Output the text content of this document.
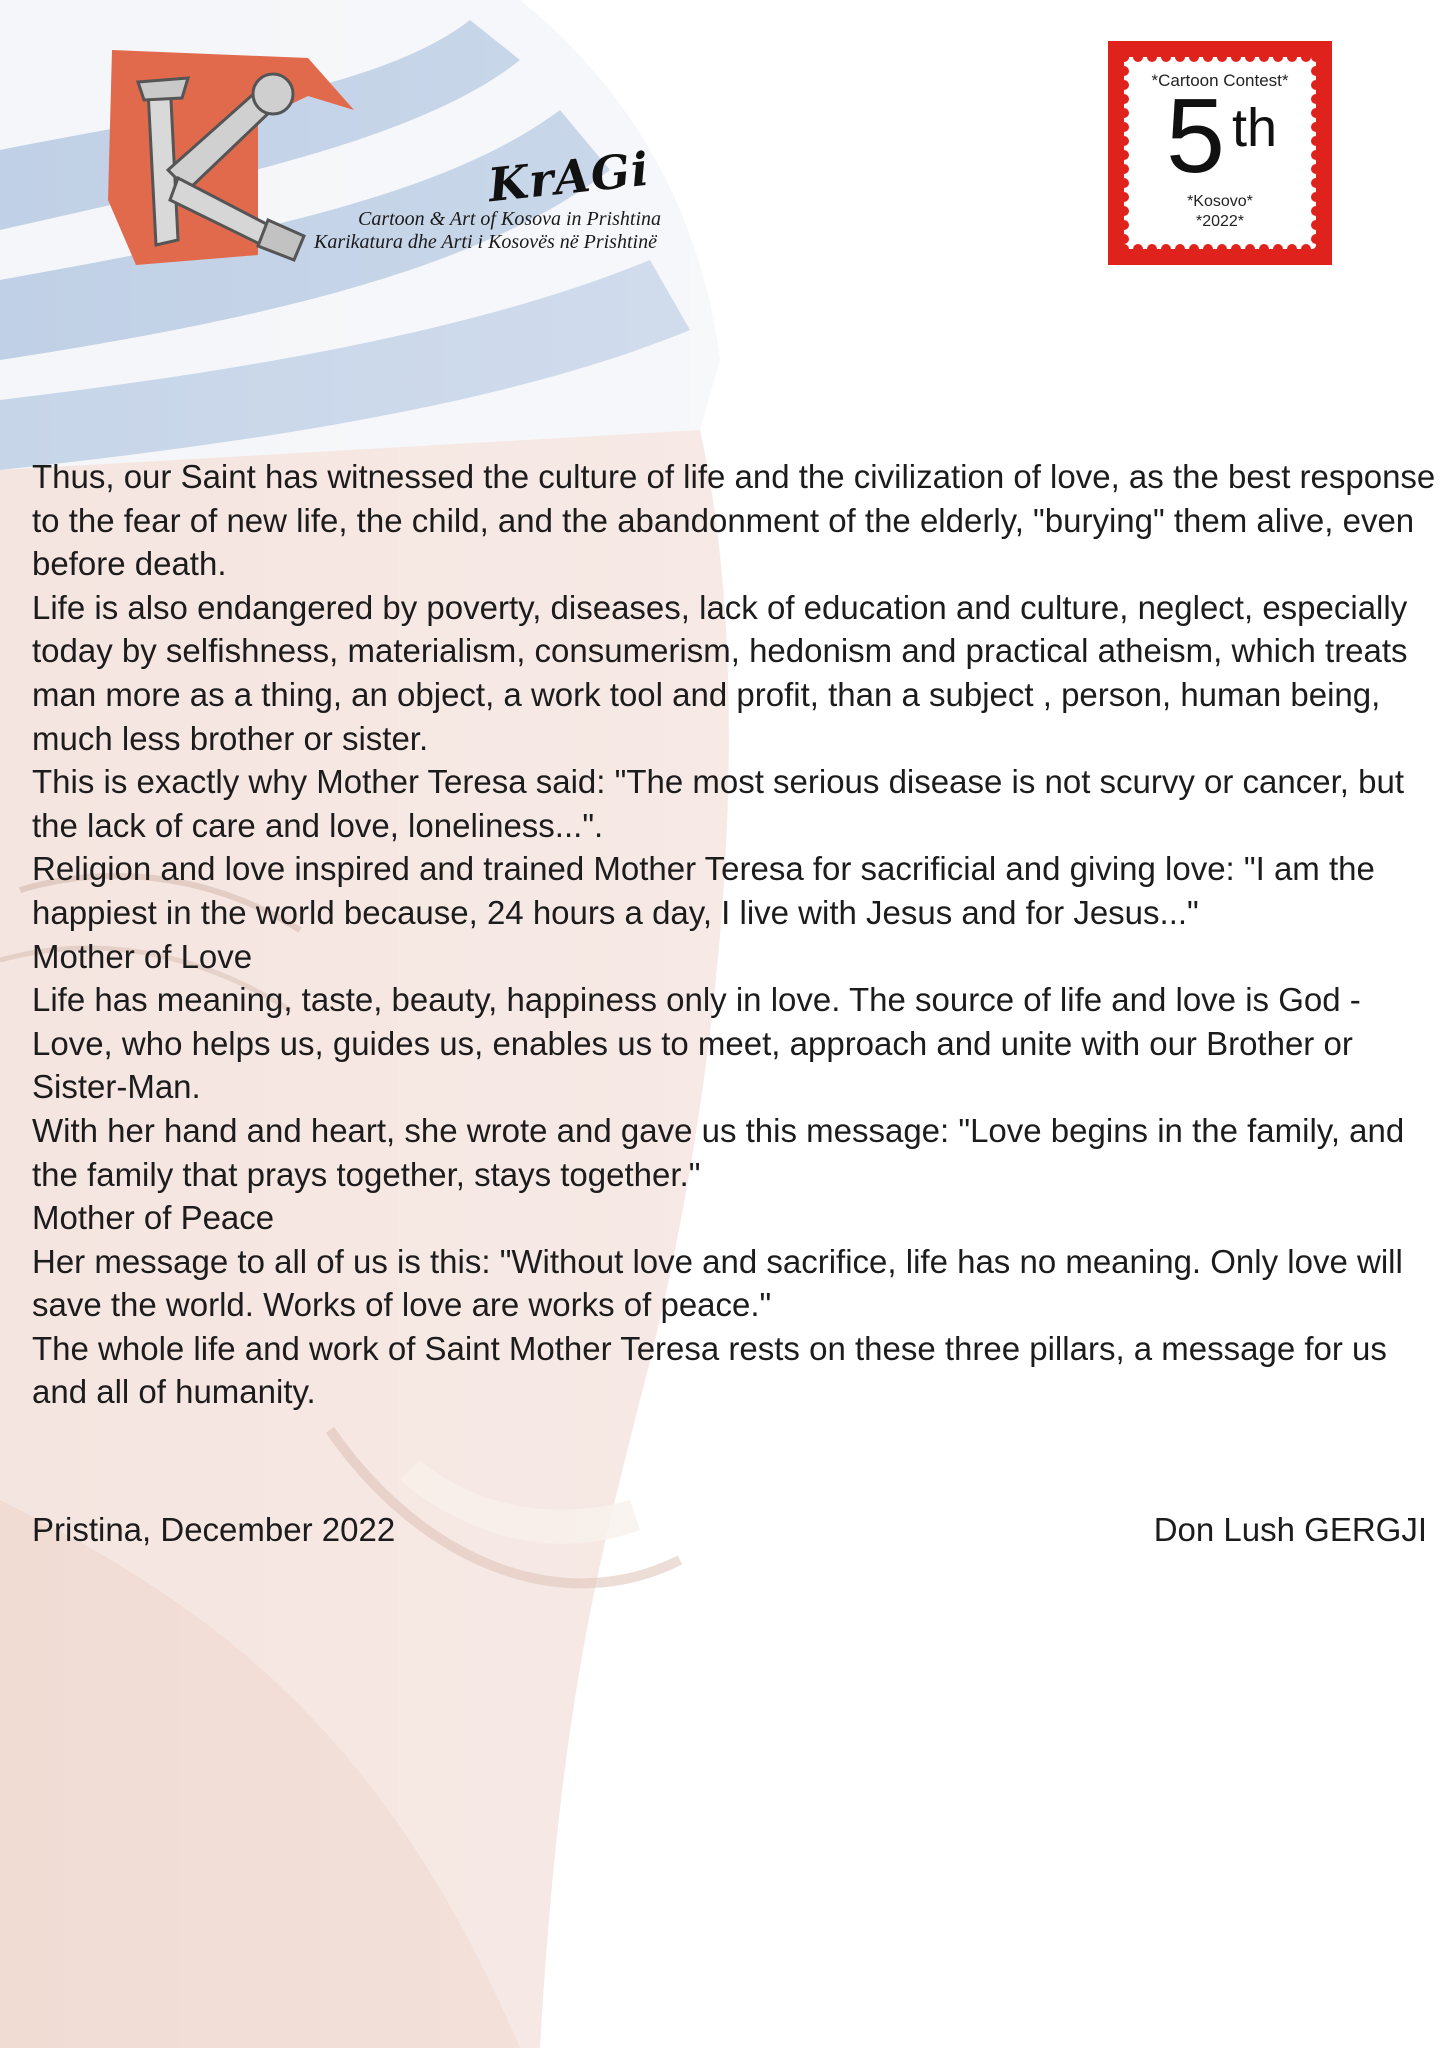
KrAGi
Cartoon & Art of Kosova in Prishtina
Karikatura dhe Arti i Kosovës në Prishtinë
*Cartoon Contest*
5 th
*Kosovo*
*2022*

Thus, our Saint has witnessed the culture of life and the civilization of love, as the best response to the fear of new life, the child, and the abandonment of the elderly, "burying" them alive, even before death.

Life is also endangered by poverty, diseases, lack of education and culture, neglect, especially today by selfishness, materialism, consumerism, hedonism and practical atheism, which treats man more as a thing, an object, a work tool and profit, than a subject , person, human being, much less brother or sister.

This is exactly why Mother Teresa said: "The most serious disease is not scurvy or cancer, but the lack of care and love, loneliness...".

Religion and love inspired and trained Mother Teresa for sacrificial and giving love: "I am the happiest in the world because, 24 hours a day, I live with Jesus and for Jesus..."

Mother of Love

Life has meaning, taste, beauty, happiness only in love. The source of life and love is God - Love, who helps us, guides us, enables us to meet, approach and unite with our Brother or Sister-Man.

With her hand and heart, she wrote and gave us this message: "Love begins in the family, and the family that prays together, stays together."

Mother of Peace

Her message to all of us is this: "Without love and sacrifice, life has no meaning. Only love will save the world. Works of love are works of peace."

The whole life and work of Saint Mother Teresa rests on these three pillars, a message for us and all of humanity.

Pristina, December 2022	Don Lush GERGJI
